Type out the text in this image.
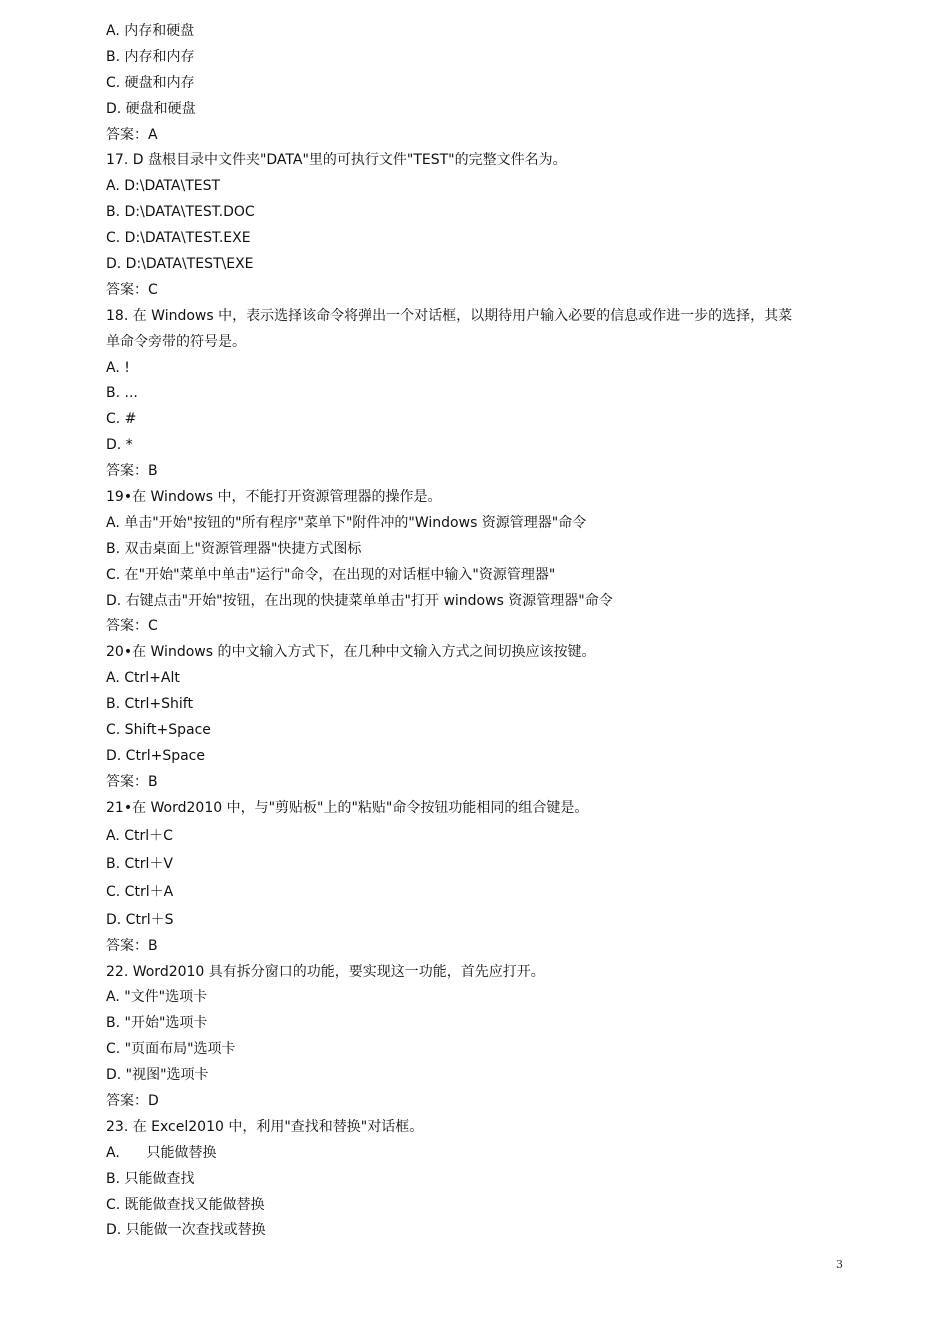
A. 内存和硬盘
B. 内存和内存
C. 硬盘和内存
D. 硬盘和硬盘
答案：A
17. D 盘根目录中文件夹"DATA"里的可执行文件"TEST"的完整文件名为。
A. D:\DATA\TEST
B. D:\DATA\TEST.DOC
C. D:\DATA\TEST.EXE
D. D:\DATA\TEST\EXE
答案：C
18. 在 Windows 中，表示选择该命令将弹出一个对话框，以期待用户输入必要的信息或作进一步的选择，其菜
单命令旁带的符号是。
A. !
B. ...
C. #
D. *
答案：B
19•在 Windows 中，不能打开资源管理器的操作是。
A. 单击"开始"按钮的"所有程序"菜单下"附件冲的"Windows 资源管理器"命令
B. 双击桌面上"资源管理器"快捷方式图标
C. 在"开始"菜单中单击"运行"命令，在出现的对话框中输入"资源管理器"
D. 右键点击"开始"按钮，在出现的快捷菜单单击"打开 windows 资源管理器"命令
答案：C
20•在 Windows 的中文输入方式下，在几种中文输入方式之间切换应该按键。
A. Ctrl+Alt
B. Ctrl+Shift
C. Shift+Space
D. Ctrl+Space
答案：B
21•在 Word2010 中，与"剪贴板"上的"粘贴"命令按钮功能相同的组合键是。
A. Ctrl＋C
B. Ctrl＋V
C. Ctrl＋A
D. Ctrl＋S
答案：B
22. Word2010 具有拆分窗口的功能，要实现这一功能，首先应打开。
A. "文件"选项卡
B. "开始"选项卡
C. "页面布局"选项卡
D. "视图"选项卡
答案：D
23. 在 Excel2010 中，利用"查找和替换"对话框。
A.      只能做替换
B. 只能做查找
C. 既能做查找又能做替换
D. 只能做一次查找或替换
3
